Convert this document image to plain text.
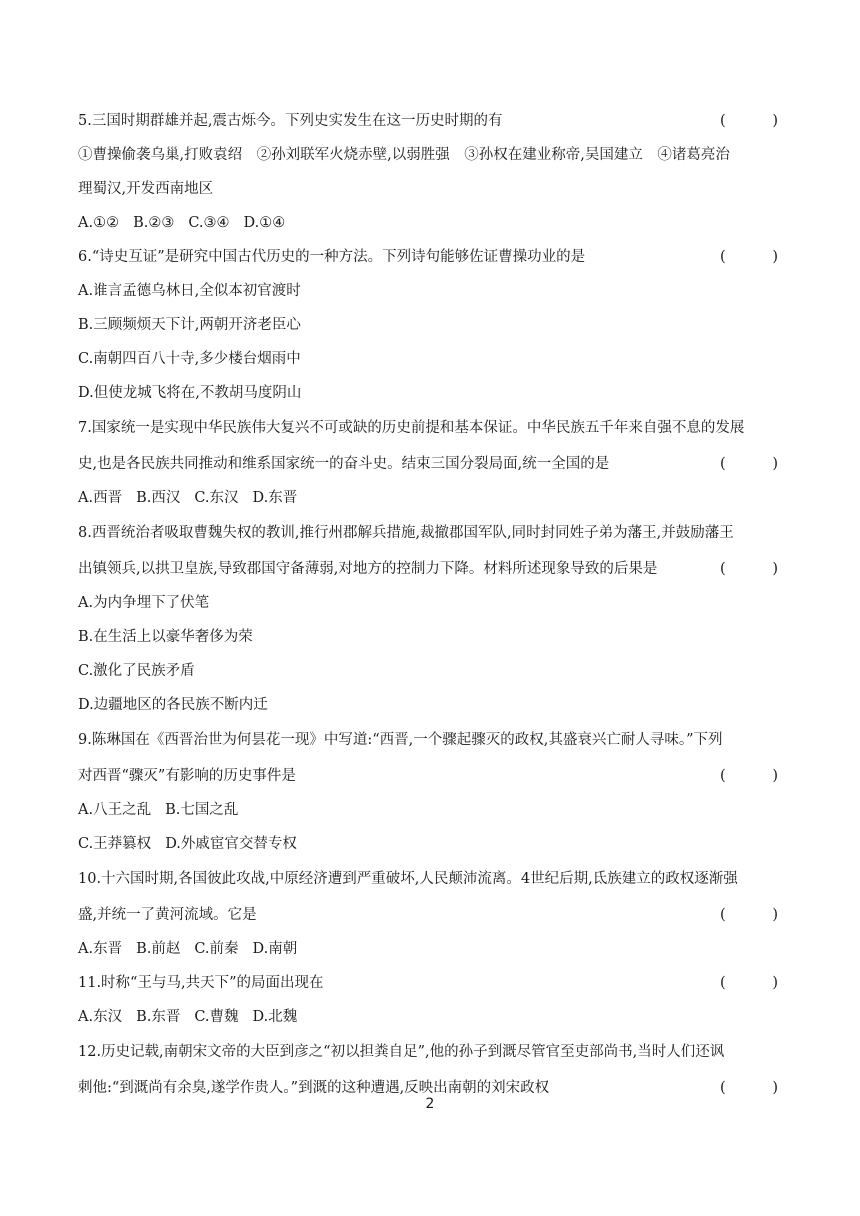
5.三国时期群雄并起,震古烁今。下列史实发生在这一历史时期的有	(	)
①曹操偷袭乌巢,打败袁绍　②孙刘联军火烧赤壁,以弱胜强　③孙权在建业称帝,吴国建立　④诸葛亮治
理蜀汉,开发西南地区
A.①② B.②③ C.③④ D.①④
6.“诗史互证”是研究中国古代历史的一种方法。下列诗句能够佐证曹操功业的是	(	)
A.谁言孟德乌林日,全似本初官渡时
B.三顾频烦天下计,两朝开济老臣心
C.南朝四百八十寺,多少楼台烟雨中
D.但使龙城飞将在,不教胡马度阴山
7.国家统一是实现中华民族伟大复兴不可或缺的历史前提和基本保证。中华民族五千年来自强不息的发展
史,也是各民族共同推动和维系国家统一的奋斗史。结束三国分裂局面,统一全国的是	(	)
A.西晋 B.西汉 C.东汉 D.东晋
8.西晋统治者吸取曹魏失权的教训,推行州郡解兵措施,裁撤郡国军队,同时封同姓子弟为藩王,并鼓励藩王
出镇领兵,以拱卫皇族,导致郡国守备薄弱,对地方的控制力下降。材料所述现象导致的后果是	(	)
A.为内争埋下了伏笔
B.在生活上以豪华奢侈为荣
C.激化了民族矛盾
D.边疆地区的各民族不断内迁
9.陈琳国在《西晋治世为何昙花一现》中写道:“西晋,一个骤起骤灭的政权,其盛衰兴亡耐人寻味。”下列
对西晋“骤灭”有影响的历史事件是	(	)
A.八王之乱 B.七国之乱
C.王莽篡权 D.外戚宦官交替专权
10.十六国时期,各国彼此攻战,中原经济遭到严重破坏,人民颠沛流离。4世纪后期,氐族建立的政权逐渐强
盛,并统一了黄河流域。它是	(	)
A.东晋 B.前赵 C.前秦 D.南朝
11.时称“王与马,共天下”的局面出现在	(	)
A.东汉 B.东晋 C.曹魏 D.北魏
12.历史记载,南朝宋文帝的大臣到彦之“初以担粪自足”,他的孙子到溉尽管官至吏部尚书,当时人们还讽
刺他:“到溉尚有余臭,遂学作贵人。”到溉的这种遭遇,反映出南朝的刘宋政权	(	)
2
